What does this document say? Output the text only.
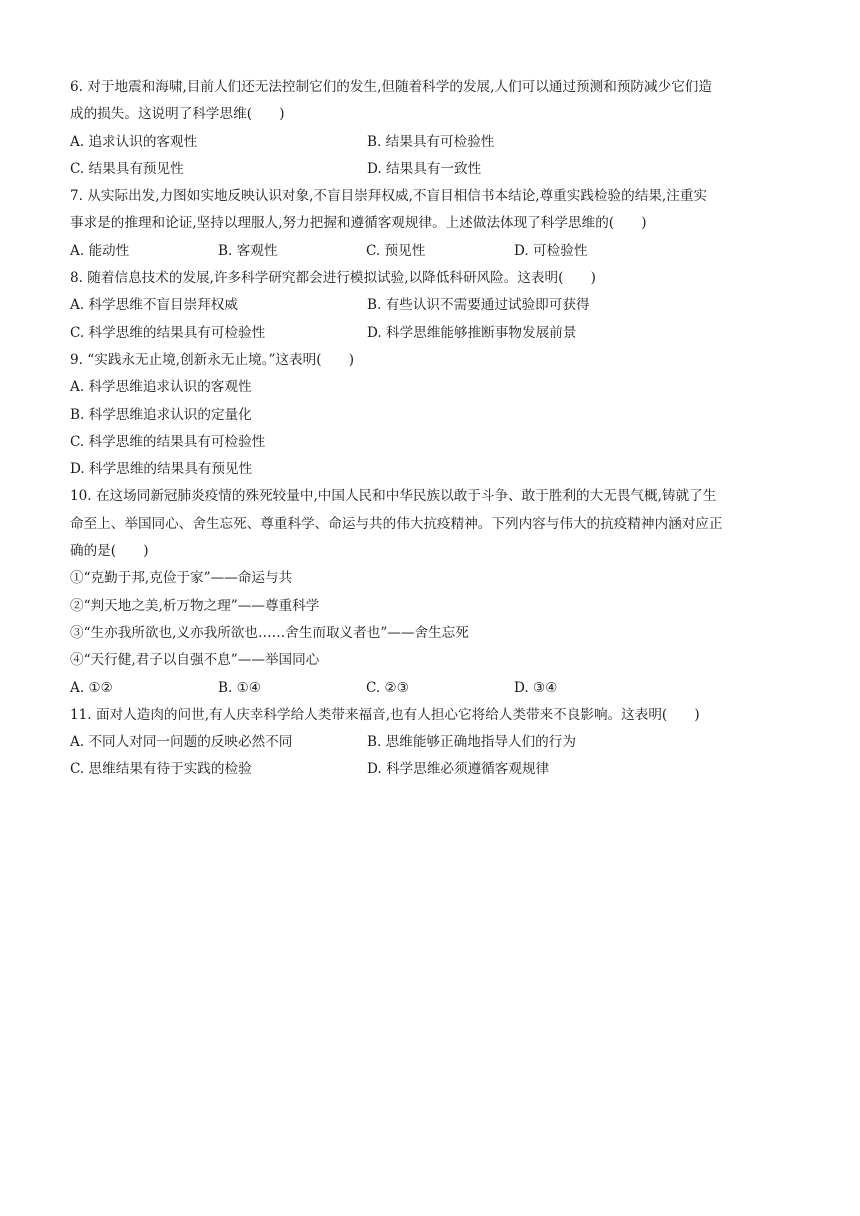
6. 对于地震和海啸,目前人们还无法控制它们的发生,但随着科学的发展,人们可以通过预测和预防减少它们造

成的损失。这说明了科学思维(　　)

A. 追求认识的客观性	B. 结果具有可检验性
C. 结果具有预见性	D. 结果具有一致性

7. 从实际出发,力图如实地反映认识对象,不盲目崇拜权威,不盲目相信书本结论,尊重实践检验的结果,注重实

事求是的推理和论证,坚持以理服人,努力把握和遵循客观规律。上述做法体现了科学思维的(　　)

A. 能动性	B. 客观性	C. 预见性	D. 可检验性

8. 随着信息技术的发展,许多科学研究都会进行模拟试验,以降低科研风险。这表明(　　)

A. 科学思维不盲目崇拜权威	B. 有些认识不需要通过试验即可获得
C. 科学思维的结果具有可检验性	D. 科学思维能够推断事物发展前景

9. “实践永无止境,创新永无止境。”这表明(　　)

A. 科学思维追求认识的客观性

B. 科学思维追求认识的定量化

C. 科学思维的结果具有可检验性

D. 科学思维的结果具有预见性

10. 在这场同新冠肺炎疫情的殊死较量中,中国人民和中华民族以敢于斗争、敢于胜利的大无畏气概,铸就了生

命至上、举国同心、舍生忘死、尊重科学、命运与共的伟大抗疫精神。下列内容与伟大的抗疫精神内涵对应正

确的是(　　)

①“克勤于邦,克俭于家”——命运与共

②“判天地之美,析万物之理”——尊重科学

③“生亦我所欲也,义亦我所欲也……舍生而取义者也”——舍生忘死

④“天行健,君子以自强不息”——举国同心

A. ①②	B. ①④	C. ②③	D. ③④

11. 面对人造肉的问世,有人庆幸科学给人类带来福音,也有人担心它将给人类带来不良影响。这表明(　　)

A. 不同人对同一问题的反映必然不同	B. 思维能够正确地指导人们的行为
C. 思维结果有待于实践的检验	D. 科学思维必须遵循客观规律
